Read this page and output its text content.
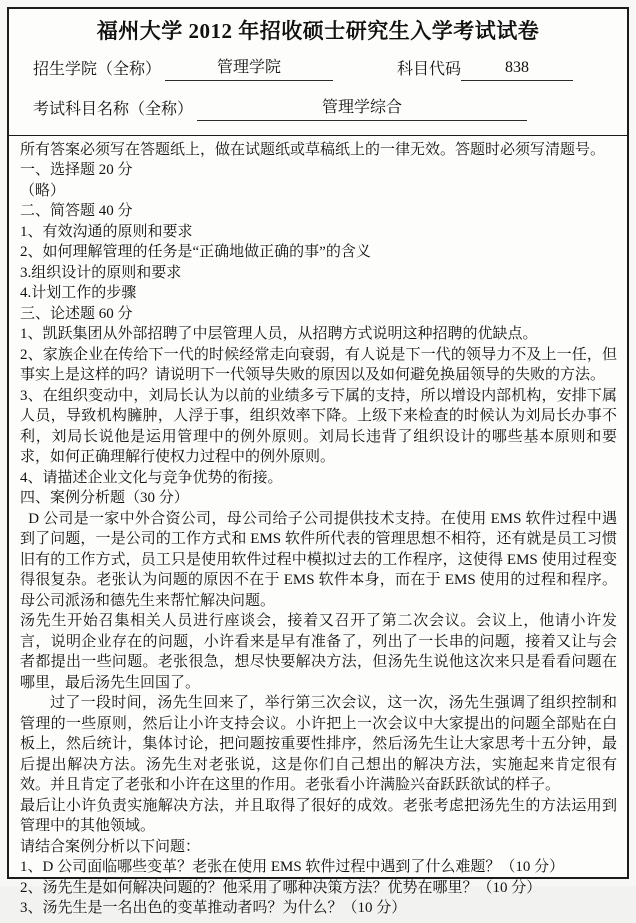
福州大学 2012 年招收硕士研究生入学考试试卷
招生学院（全称）	管理学院	科目代码	838
考试科目名称（全称）	管理学综合

所有答案必须写在答题纸上，做在试题纸或草稿纸上的一律无效。答题时必须写清题号。

一、选择题 20 分

（略）

二、简答题 40 分

1、有效沟通的原则和要求

2、如何理解管理的任务是“正确地做正确的事”的含义

3.组织设计的原则和要求

4.计划工作的步骤

三、论述题 60 分

1、凯跃集团从外部招聘了中层管理人员，从招聘方式说明这种招聘的优缺点。

2、家族企业在传给下一代的时候经常走向衰弱，有人说是下一代的领导力不及上一任，但事实上是这样的吗？请说明下一代领导失败的原因以及如何避免换届领导的失败的方法。

3、在组织变动中，刘局长认为以前的业绩多亏下属的支持，所以增设内部机构，安排下属人员，导致机构臃肿，人浮于事，组织效率下降。上级下来检查的时候认为刘局长办事不利，刘局长说他是运用管理中的例外原则。刘局长违背了组织设计的哪些基本原则和要求，如何正确理解行使权力过程中的例外原则。

4、请描述企业文化与竞争优势的衔接。

四、案例分析题（30 分）

D 公司是一家中外合资公司，母公司给子公司提供技术支持。在使用 EMS 软件过程中遇到了问题，一是公司的工作方式和 EMS 软件所代表的管理思想不相符，还有就是员工习惯旧有的工作方式，员工只是使用软件过程中模拟过去的工作程序，这使得 EMS 使用过程变得很复杂。老张认为问题的原因不在于 EMS 软件本身，而在于 EMS 使用的过程和程序。母公司派汤和德先生来帮忙解决问题。

汤先生开始召集相关人员进行座谈会，接着又召开了第二次会议。会议上，他请小许发言，说明企业存在的问题，小许看来是早有准备了，列出了一长串的问题，接着又让与会者都提出一些问题。老张很急，想尽快要解决方法，但汤先生说他这次来只是看看问题在哪里，最后汤先生回国了。

过了一段时间，汤先生回来了，举行第三次会议，这一次，汤先生强调了组织控制和管理的一些原则，然后让小许支持会议。小许把上一次会议中大家提出的问题全部贴在白板上，然后统计，集体讨论，把问题按重要性排序，然后汤先生让大家思考十五分钟，最后提出解决方法。汤先生对老张说，这是你们自己想出的解决方法，实施起来肯定很有效。并且肯定了老张和小许在这里的作用。老张看小许满脸兴奋跃跃欲试的样子。

最后让小许负责实施解决方法，并且取得了很好的成效。老张考虑把汤先生的方法运用到管理中的其他领域。

请结合案例分析以下问题：

1、D 公司面临哪些变革？老张在使用 EMS 软件过程中遇到了什么难题？（10 分）

2、汤先生是如何解决问题的？他采用了哪种决策方法？优势在哪里？（10 分）

3、汤先生是一名出色的变革推动者吗？为什么？（10 分）
